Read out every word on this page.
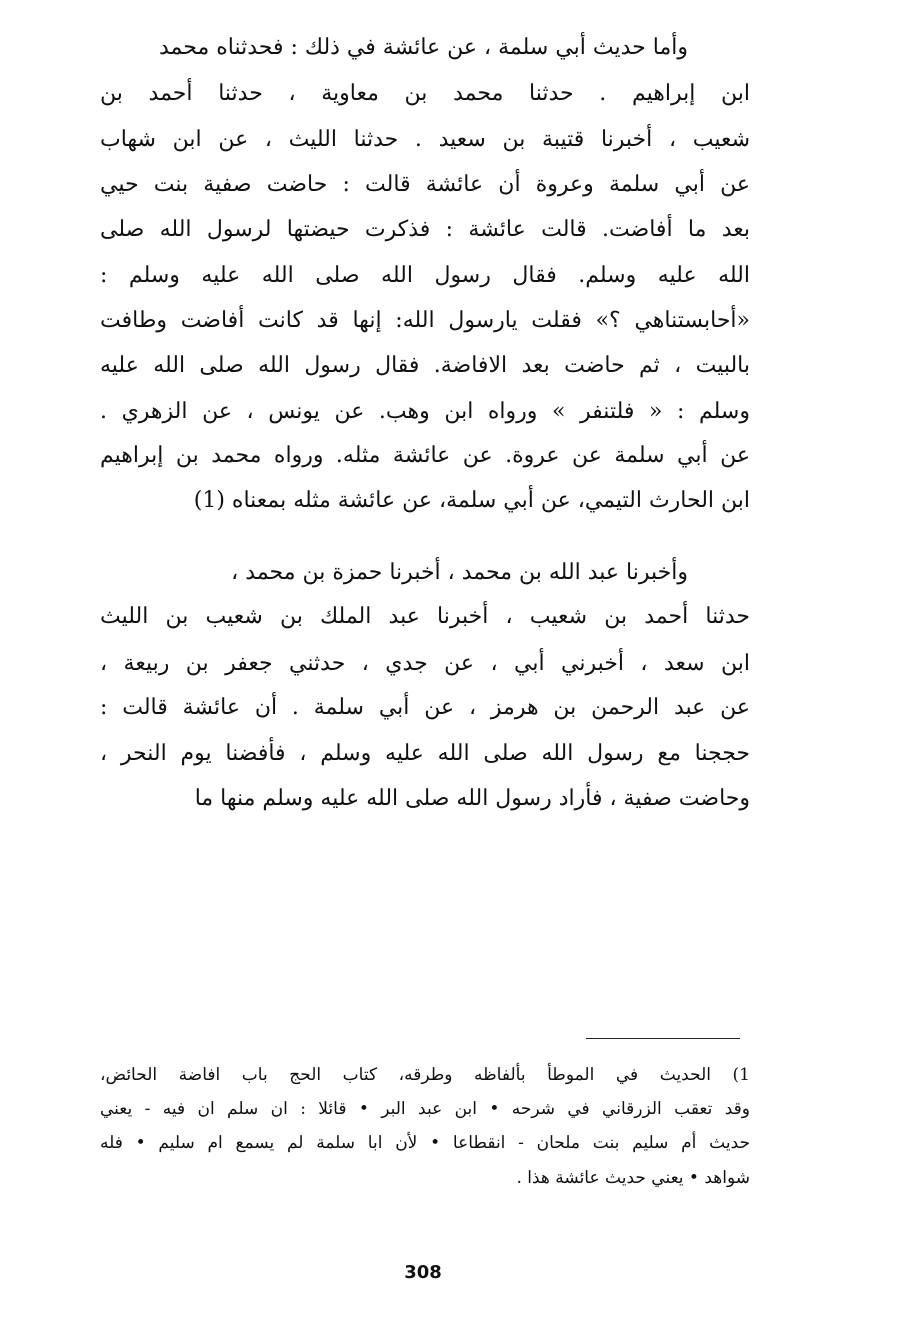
وأما حديث أبي سلمة ، عن عائشة في ذلك : فحدثناه محمد
ابن إبراهيم . حدثنا محمد بن معاوية ، حدثنا أحمد بن
شعيب ، أخبرنا قتيبة بن سعيد . حدثنا الليث ، عن ابن شهاب
عن أبي سلمة وعروة أن عائشة قالت : حاضت صفية بنت حيي
بعد ما أفاضت. قالت عائشة : فذكرت حيضتها لرسول الله صلى
الله عليه وسلم. فقال رسول الله صلى الله عليه وسلم :
«أحابستناهي ؟» فقلت يارسول الله: إنها قد كانت أفاضت وطافت
بالبيت ، ثم حاضت بعد الافاضة. فقال رسول الله صلى الله عليه
وسلم : « فلتنفر » ورواه ابن وهب. عن يونس ، عن الزهري .
عن أبي سلمة عن عروة. عن عائشة مثله. ورواه محمد بن إبراهيم
ابن الحارث التيمي، عن أبي سلمة، عن عائشة مثله بمعناه (1)
وأخبرنا عبد الله بن محمد ، أخبرنا حمزة بن محمد ،
حدثنا أحمد بن شعيب ، أخبرنا عبد الملك بن شعيب بن الليث
ابن سعد ، أخبرني أبي ، عن جدي ، حدثني جعفر بن ربيعة ،
عن عبد الرحمن بن هرمز ، عن أبي سلمة . أن عائشة قالت :
حججنا مع رسول الله صلى الله عليه وسلم ، فأفضنا يوم النحر ،
وحاضت صفية ، فأراد رسول الله صلى الله عليه وسلم منها ما
1) الحديث في الموطأ بألفاظه وطرقه، كتاب الحج باب افاضة الحائض،
وقد تعقب الزرقاني في شرحه • ابن عبد البر • قائلا : ان سلم ان فيه - يعني
حديث أم سليم بنت ملحان - انقطاعا • لأن ابا سلمة لم يسمع ام سليم • فله
شواهد • يعني حديث عائشة هذا .
308
